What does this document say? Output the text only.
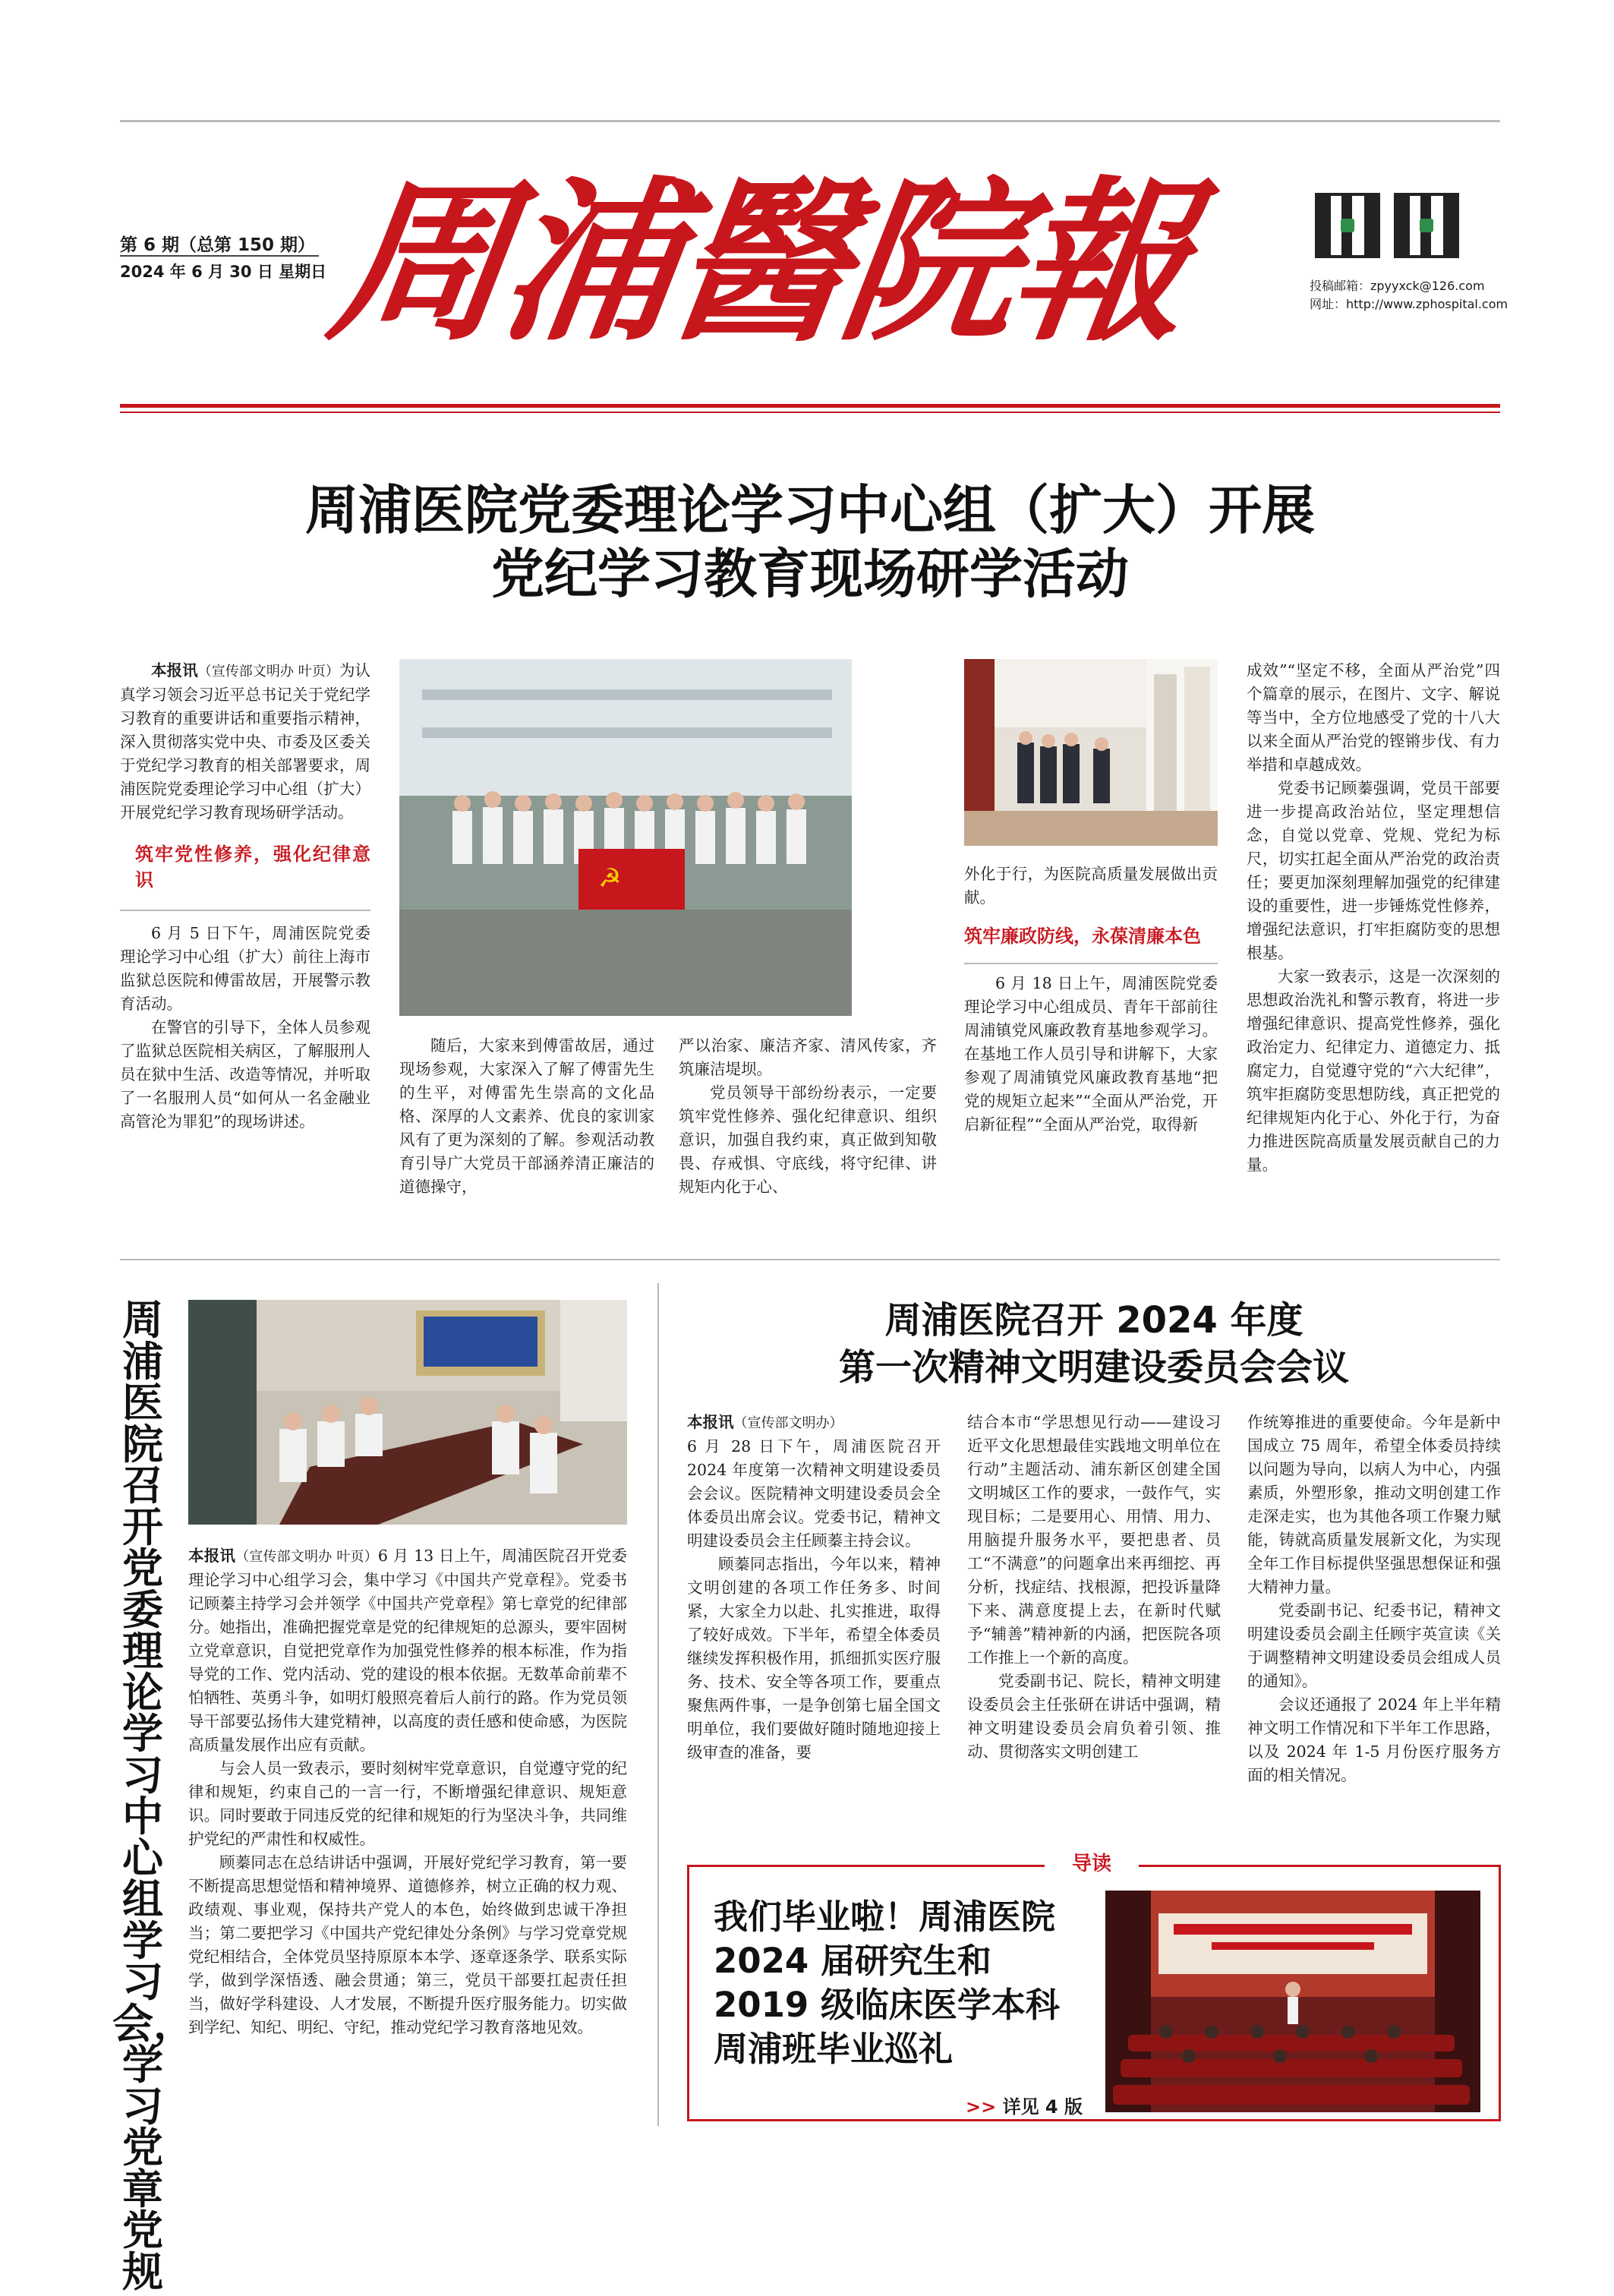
第 6 期（总第 150 期）
2024 年 6 月 30 日 星期日
周浦醫院報	投稿邮箱：zpyyxck@126.com
网址：http://www.zphospital.com
周浦医院党委理论学习中心组（扩大）开展
党纪学习教育现场研学活动

本报讯（宣传部文明办 叶页）为认真学习领会习近平总书记关于党纪学习教育的重要讲话和重要指示精神，深入贯彻落实党中央、市委及区委关于党纪学习教育的相关部署要求，周浦医院党委理论学习中心组（扩大）开展党纪学习教育现场研学活动。

筑牢党性修养，强化纪律意识

6 月 5 日下午，周浦医院党委理论学习中心组（扩大）前往上海市监狱总医院和傅雷故居，开展警示教育活动。

在警官的引导下，全体人员参观了监狱总医院相关病区，了解服刑人员在狱中生活、改造等情况，并听取了一名服刑人员“如何从一名金融业高管沦为罪犯”的现场讲述。

☭

随后，大家来到傅雷故居，通过现场参观，大家深入了解了傅雷先生的生平，对傅雷先生崇高的文化品格、深厚的人文素养、优良的家训家风有了更为深刻的了解。参观活动教育引导广大党员干部涵养清正廉洁的道德操守，

严以治家、廉洁齐家、清风传家，齐筑廉洁堤坝。

党员领导干部纷纷表示，一定要筑牢党性修养、强化纪律意识、组织意识，加强自我约束，真正做到知敬畏、存戒惧、守底线，将守纪律、讲规矩内化于心、

外化于行，为医院高质量发展做出贡献。

筑牢廉政防线，永葆清廉本色

6 月 18 日上午，周浦医院党委理论学习中心组成员、青年干部前往周浦镇党风廉政教育基地参观学习。在基地工作人员引导和讲解下，大家参观了周浦镇党风廉政教育基地“把党的规矩立起来”“全面从严治党，开启新征程”“全面从严治党，取得新

成效”“坚定不移，全面从严治党”四个篇章的展示，在图片、文字、解说等当中，全方位地感受了党的十八大以来全面从严治党的铿锵步伐、有力举措和卓越成效。

党委书记顾蓁强调，党员干部要进一步提高政治站位，坚定理想信念，自觉以党章、党规、党纪为标尺，切实扛起全面从严治党的政治责任；要更加深刻理解加强党的纪律建设的重要性，进一步锤炼党性修养，增强纪法意识，打牢拒腐防变的思想根基。

大家一致表示，这是一次深刻的思想政治洗礼和警示教育，将进一步增强纪律意识、提高党性修养，强化政治定力、纪律定力、道德定力、抵腐定力，自觉遵守党的“六大纪律”，筑牢拒腐防变思想防线，真正把党的纪律规矩内化于心、外化于行，为奋力推进医院高质量发展贡献自己的力量。

周浦医院召开党委理论学习中心组学习会，学习党章党规

本报讯（宣传部文明办 叶页）6 月 13 日上午，周浦医院召开党委理论学习中心组学习会，集中学习《中国共产党章程》。党委书记顾蓁主持学习会并领学《中国共产党章程》第七章党的纪律部分。她指出，准确把握党章是党的纪律规矩的总源头，要牢固树立党章意识，自觉把党章作为加强党性修养的根本标准，作为指导党的工作、党内活动、党的建设的根本依据。无数革命前辈不怕牺牲、英勇斗争，如明灯般照亮着后人前行的路。作为党员领导干部要弘扬伟大建党精神，以高度的责任感和使命感，为医院高质量发展作出应有贡献。

与会人员一致表示，要时刻树牢党章意识，自觉遵守党的纪律和规矩，约束自己的一言一行，不断增强纪律意识、规矩意识。同时要敢于同违反党的纪律和规矩的行为坚决斗争，共同维护党纪的严肃性和权威性。

顾蓁同志在总结讲话中强调，开展好党纪学习教育，第一要不断提高思想觉悟和精神境界、道德修养，树立正确的权力观、政绩观、事业观，保持共产党人的本色，始终做到忠诚干净担当；第二要把学习《中国共产党纪律处分条例》与学习党章党规党纪相结合，全体党员坚持原原本本学、逐章逐条学、联系实际学，做到学深悟透、融会贯通；第三，党员干部要扛起责任担当，做好学科建设、人才发展，不断提升医疗服务能力。切实做到学纪、知纪、明纪、守纪，推动党纪学习教育落地见效。

周浦医院召开 2024 年度
第一次精神文明建设委员会会议

本报讯（宣传部文明办）

6 月 28 日下午，周浦医院召开 2024 年度第一次精神文明建设委员会会议。医院精神文明建设委员会全体委员出席会议。党委书记，精神文明建设委员会主任顾蓁主持会议。

顾蓁同志指出，今年以来，精神文明创建的各项工作任务多、时间紧，大家全力以赴、扎实推进，取得了较好成效。下半年，希望全体委员继续发挥积极作用，抓细抓实医疗服务、技术、安全等各项工作，要重点聚焦两件事，一是争创第七届全国文明单位，我们要做好随时随地迎接上级审查的准备，要

结合本市“学思想见行动——建设习近平文化思想最佳实践地文明单位在行动”主题活动、浦东新区创建全国文明城区工作的要求，一鼓作气，实现目标；二是要用心、用情、用力、用脑提升服务水平，要把患者、员工“不满意”的问题拿出来再细挖、再分析，找症结、找根源，把投诉量降下来、满意度提上去，在新时代赋予“辅善”精神新的内涵，把医院各项工作推上一个新的高度。

党委副书记、院长，精神文明建设委员会主任张研在讲话中强调，精神文明建设委员会肩负着引领、推动、贯彻落实文明创建工

作统筹推进的重要使命。今年是新中国成立 75 周年，希望全体委员持续以问题为导向，以病人为中心，内强素质，外塑形象，推动文明创建工作走深走实，也为其他各项工作聚力赋能，铸就高质量发展新文化，为实现全年工作目标提供坚强思想保证和强大精神力量。

党委副书记、纪委书记，精神文明建设委员会副主任顾宇英宣读《关于调整精神文明建设委员会组成人员的通知》。

会议还通报了 2024 年上半年精神文明工作情况和下半年工作思路，以及 2024 年 1-5 月份医疗服务方面的相关情况。

导读
我们毕业啦！周浦医院 2024 届研究生和 2019 级临床医学本科周浦班毕业巡礼
>> 详见 4 版
